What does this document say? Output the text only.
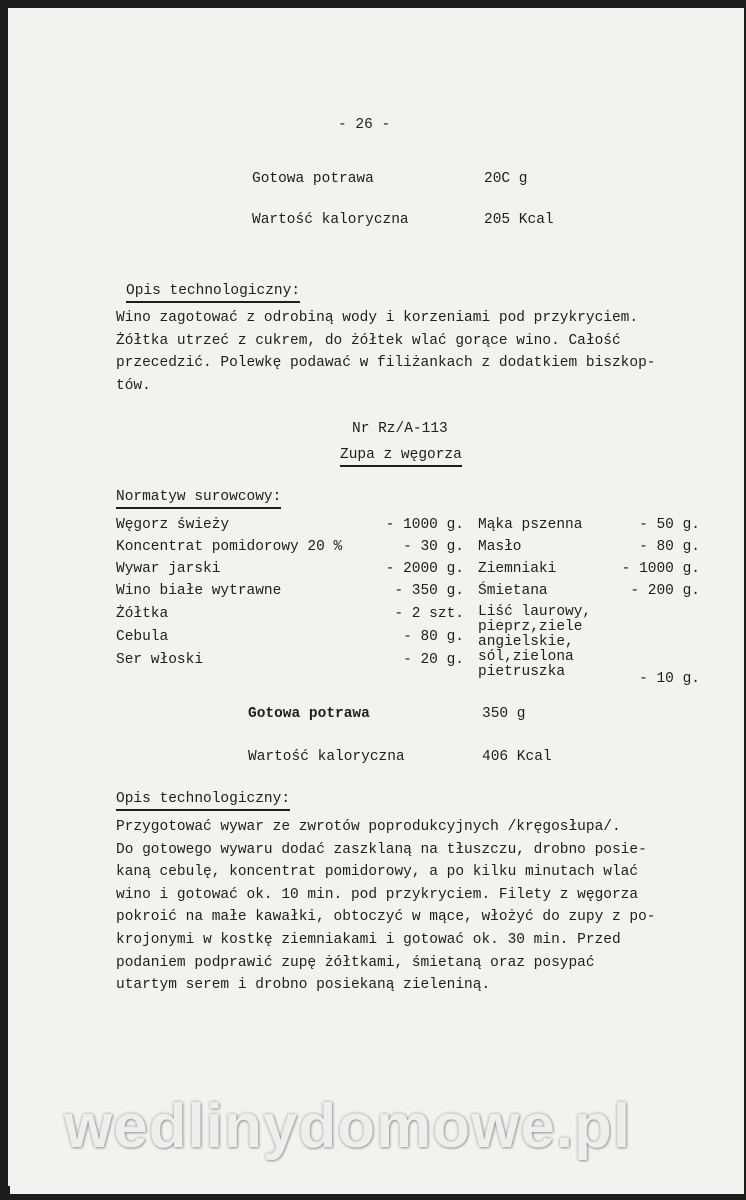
- 26 -
Gotowa potrawa	20C g
Wartość kaloryczna	205 Kcal
Opis technologiczny:
Wino zagotować z odrobiną wody i korzeniami pod przykryciem.
Żółtka utrzeć z cukrem, do żółtek wlać gorące wino. Całość
przecedzić. Polewkę podawać w filiżankach z dodatkiem biszkop-
tów.
Nr Rz/A-113
Zupa z węgorza
Normatyw surowcowy:
Węgorz świeży	- 1000 g.
Koncentrat pomidorowy 20 %	- 30 g.
Wywar jarski	- 2000 g.
Wino białe wytrawne	- 350 g.
Żółtka	- 2 szt.
Cebula	- 80 g.
Ser włoski	- 20 g.
Mąka pszenna	- 50 g.
Masło	- 80 g.
Ziemniaki	- 1000 g.
Śmietana	- 200 g.
Liść laurowy,
pieprz,ziele
angielskie,
sól,zielona
pietruszka	- 10 g.
Gotowa potrawa	350 g
Wartość kaloryczna	406 Kcal
Opis technologiczny:
Przygotować wywar ze zwrotów poprodukcyjnych /kręgosłupa/.
Do gotowego wywaru dodać zaszklaną na tłuszczu, drobno posie-
kaną cebulę, koncentrat pomidorowy, a po kilku minutach wlać
wino i gotować ok. 10 min. pod przykryciem. Filety z węgorza
pokroić na małe kawałki, obtoczyć w mące, włożyć do zupy z po-
krojonymi w kostkę ziemniakami i gotować ok. 30 min. Przed
podaniem podprawić zupę żółtkami, śmietaną oraz posypać
utartym serem i drobno posiekaną zieleniną.
wedlinydomowe.pl
